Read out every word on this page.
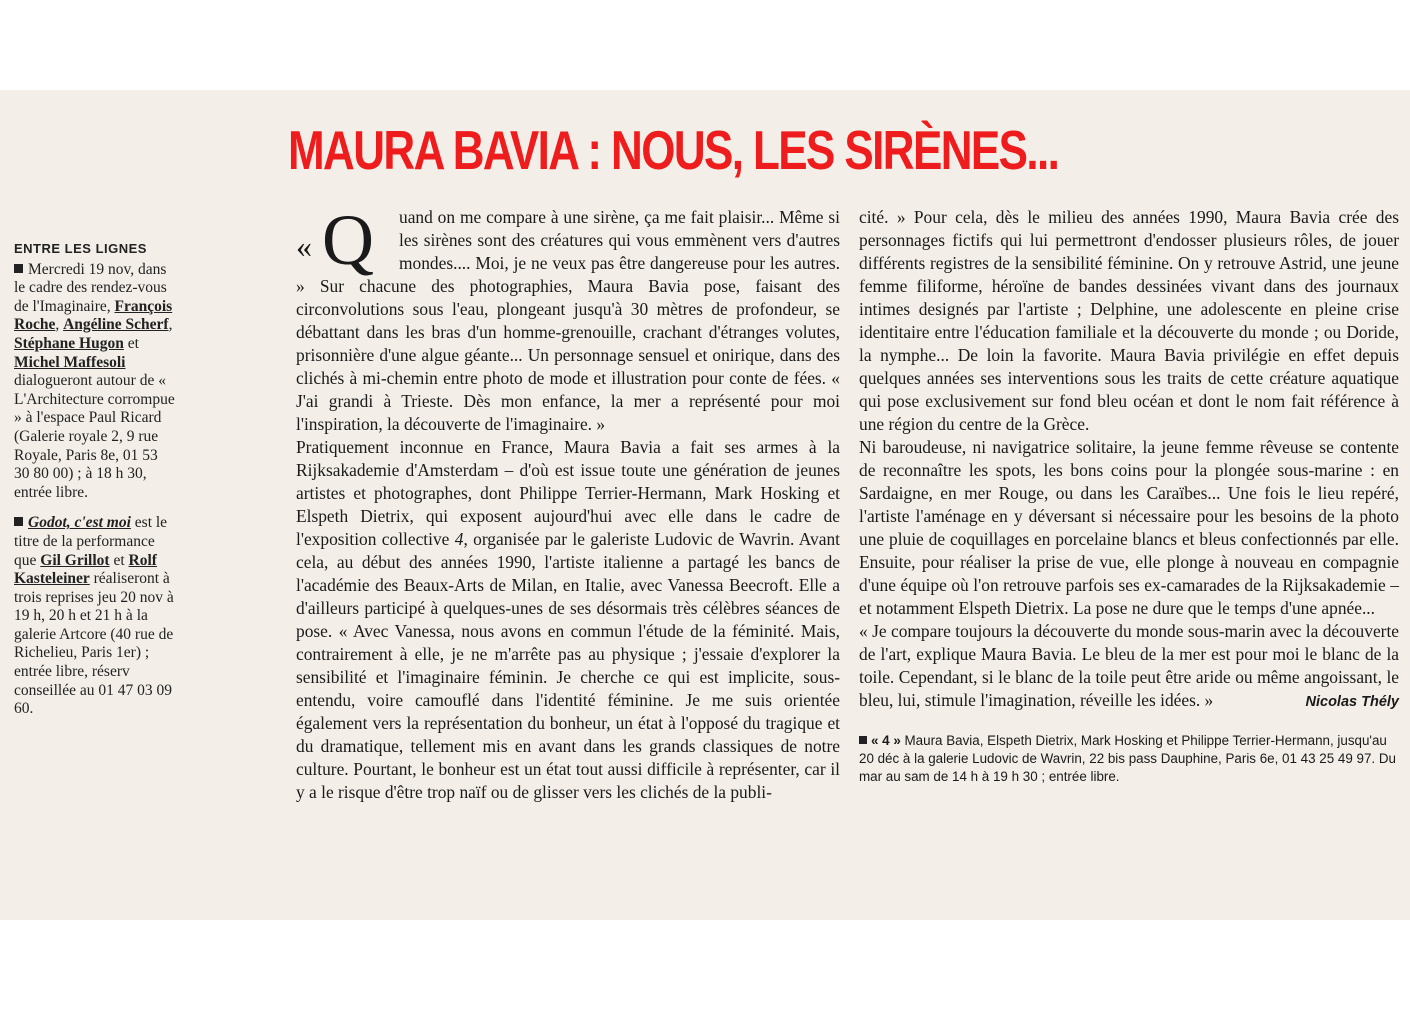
MAURA BAVIA : NOUS, LES SIRÈNES...
ENTRE LES LIGNES

Mercredi 19 nov, dans le cadre des rendez-vous de l'Imaginaire, François Roche, Angéline Scherf, Stéphane Hugon et Michel Maffesoli dialogueront autour de « L'Architecture corrompue » à l'espace Paul Ricard (Galerie royale 2, 9 rue Royale, Paris 8e, 01 53 30 80 00) ; à 18 h 30, entrée libre.

Godot, c'est moi est le titre de la performance que Gil Grillot et Rolf Kasteleiner réaliseront à trois reprises jeu 20 nov à 19 h, 20 h et 21 h à la galerie Artcore (40 rue de Richelieu, Paris 1er) ; entrée libre, réserv conseillée au 01 47 03 09 60.

« Q	uand on me compare à une sirène, ça me fait plaisir... Même si les sirènes sont des créatures qui vous emmènent vers d'autres mondes.... Moi, je ne veux pas être dangereuse pour les autres. » Sur chacune des photographies, Maura Bavia pose, faisant des circonvolutions sous l'eau, plongeant jusqu'à 30 mètres de profondeur, se débattant dans les bras d'un homme-grenouille, crachant d'étranges volutes, prisonnière d'une algue géante... Un personnage sensuel et onirique, dans des clichés à mi-chemin entre photo de mode et illustration pour conte de fées. « J'ai grandi à Trieste. Dès mon enfance, la mer a représenté pour moi l'inspiration, la découverte de l'imaginaire. »

Pratiquement inconnue en France, Maura Bavia a fait ses armes à la Rijksakademie d'Amsterdam – d'où est issue toute une génération de jeunes artistes et photographes, dont Philippe Terrier-Hermann, Mark Hosking et Elspeth Dietrix, qui exposent aujourd'hui avec elle dans le cadre de l'exposition collective 4, organisée par le galeriste Ludovic de Wavrin. Avant cela, au début des années 1990, l'artiste italienne a partagé les bancs de l'académie des Beaux-Arts de Milan, en Italie, avec Vanessa Beecroft. Elle a d'ailleurs participé à quelques-unes de ses désormais très célèbres séances de pose. « Avec Vanessa, nous avons en commun l'étude de la féminité. Mais, contrairement à elle, je ne m'arrête pas au physique ; j'essaie d'explorer la sensibilité et l'imaginaire féminin. Je cherche ce qui est implicite, sous-entendu, voire camouflé dans l'identité féminine. Je me suis orientée également vers la représentation du bonheur, un état à l'opposé du tragique et du dramatique, tellement mis en avant dans les grands classiques de notre culture. Pourtant, le bonheur est un état tout aussi difficile à représenter, car il y a le risque d'être trop naïf ou de glisser vers les clichés de la publi-

cité. » Pour cela, dès le milieu des années 1990, Maura Bavia crée des personnages fictifs qui lui permettront d'endosser plusieurs rôles, de jouer différents registres de la sensibilité féminine. On y retrouve Astrid, une jeune femme filiforme, héroïne de bandes dessinées vivant dans des journaux intimes designés par l'artiste ; Delphine, une adolescente en pleine crise identitaire entre l'éducation familiale et la découverte du monde ; ou Doride, la nymphe... De loin la favorite. Maura Bavia privilégie en effet depuis quelques années ses interventions sous les traits de cette créature aquatique qui pose exclusivement sur fond bleu océan et dont le nom fait référence à une région du centre de la Grèce.

Ni baroudeuse, ni navigatrice solitaire, la jeune femme rêveuse se contente de reconnaître les spots, les bons coins pour la plongée sous-marine : en Sardaigne, en mer Rouge, ou dans les Caraïbes... Une fois le lieu repéré, l'artiste l'aménage en y déversant si nécessaire pour les besoins de la photo une pluie de coquillages en porcelaine blancs et bleus confectionnés par elle. Ensuite, pour réaliser la prise de vue, elle plonge à nouveau en compagnie d'une équipe où l'on retrouve parfois ses ex-camarades de la Rijksakademie – et notamment Elspeth Dietrix. La pose ne dure que le temps d'une apnée...

« Je compare toujours la découverte du monde sous-marin avec la découverte de l'art, explique Maura Bavia. Le bleu de la mer est pour moi le blanc de la toile. Cependant, si le blanc de la toile peut être aride ou même angoissant, le bleu, lui, stimule l'imagination, réveille les idées. »	Nicolas Thély
« 4 » Maura Bavia, Elspeth Dietrix, Mark Hosking et Philippe Terrier-Hermann, jusqu'au 20 déc à la galerie Ludovic de Wavrin, 22 bis pass Dauphine, Paris 6e, 01 43 25 49 97. Du mar au sam de 14 h à 19 h 30 ; entrée libre.
